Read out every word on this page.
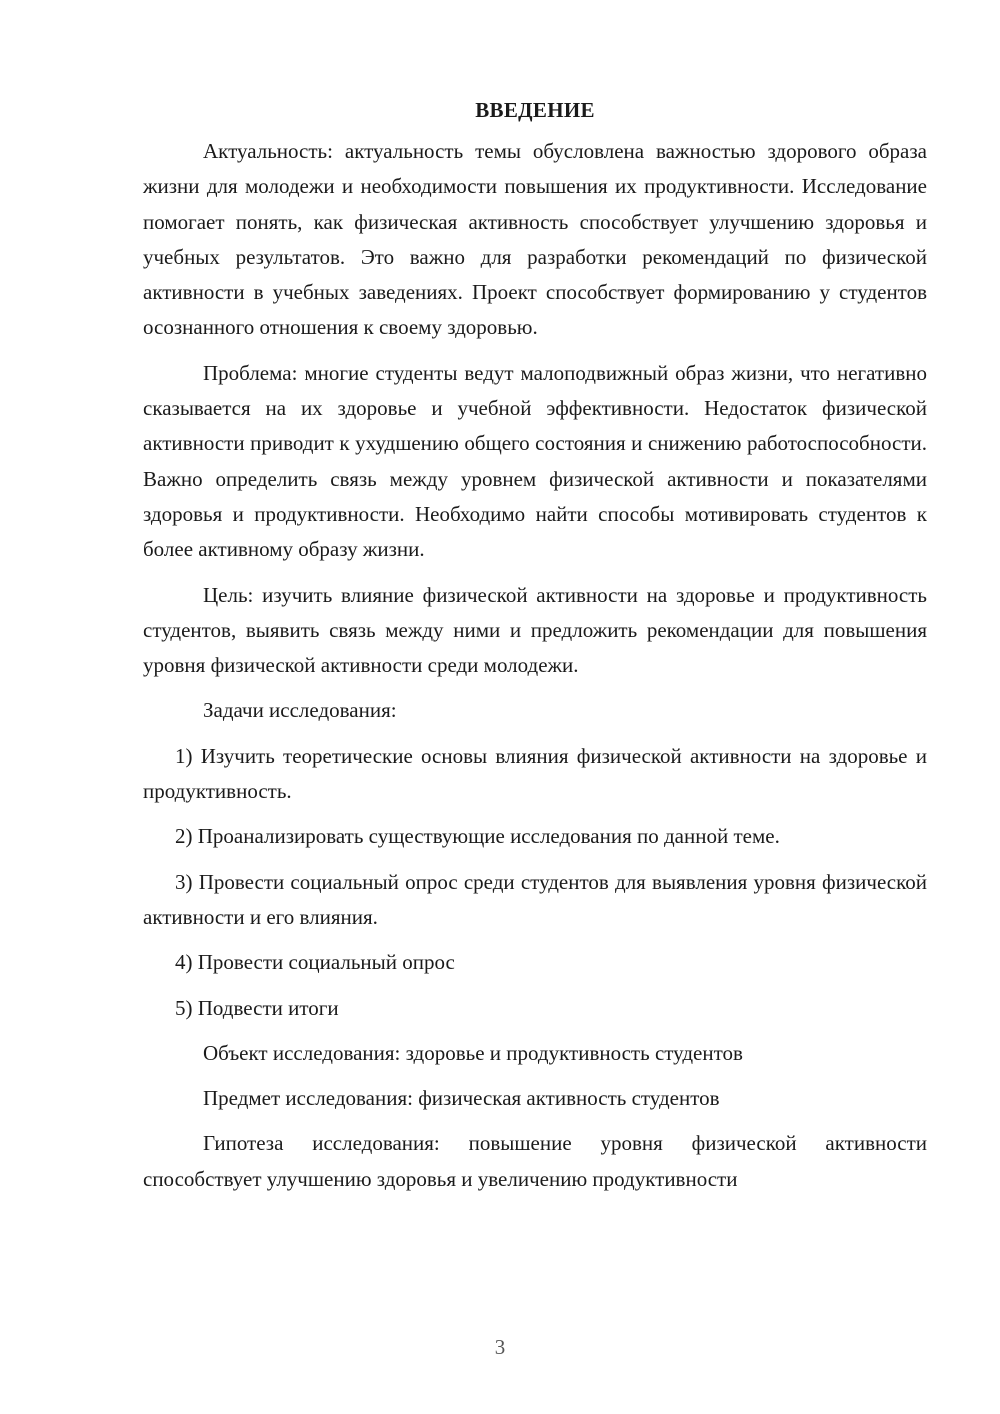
ВВЕДЕНИЕ

Актуальность: актуальность темы обусловлена важностью здорового образа жизни для молодежи и необходимости повышения их продуктивности. Исследование помогает понять, как физическая активность способствует улучшению здоровья и учебных результатов. Это важно для разработки рекомендаций по физической активности в учебных заведениях. Проект способствует формированию у студентов осознанного отношения к своему здоровью.

Проблема: многие студенты ведут малоподвижный образ жизни, что негативно сказывается на их здоровье и учебной эффективности. Недостаток физической активности приводит к ухудшению общего состояния и снижению работоспособности. Важно определить связь между уровнем физической активности и показателями здоровья и продуктивности. Необходимо найти способы мотивировать студентов к более активному образу жизни.

Цель: изучить влияние физической активности на здоровье и продуктивность студентов, выявить связь между ними и предложить рекомендации для повышения уровня физической активности среди молодежи.

Задачи исследования:

1) Изучить теоретические основы влияния физической активности на здоровье и продуктивность.

2) Проанализировать существующие исследования по данной теме.

3) Провести социальный опрос среди студентов для выявления уровня физической активности и его влияния.

4) Провести социальный опрос

5) Подвести итоги

Объект исследования: здоровье и продуктивность студентов

Предмет исследования: физическая активность студентов

Гипотеза исследования: повышение уровня физической активности способствует улучшению здоровья и увеличению продуктивности

3
